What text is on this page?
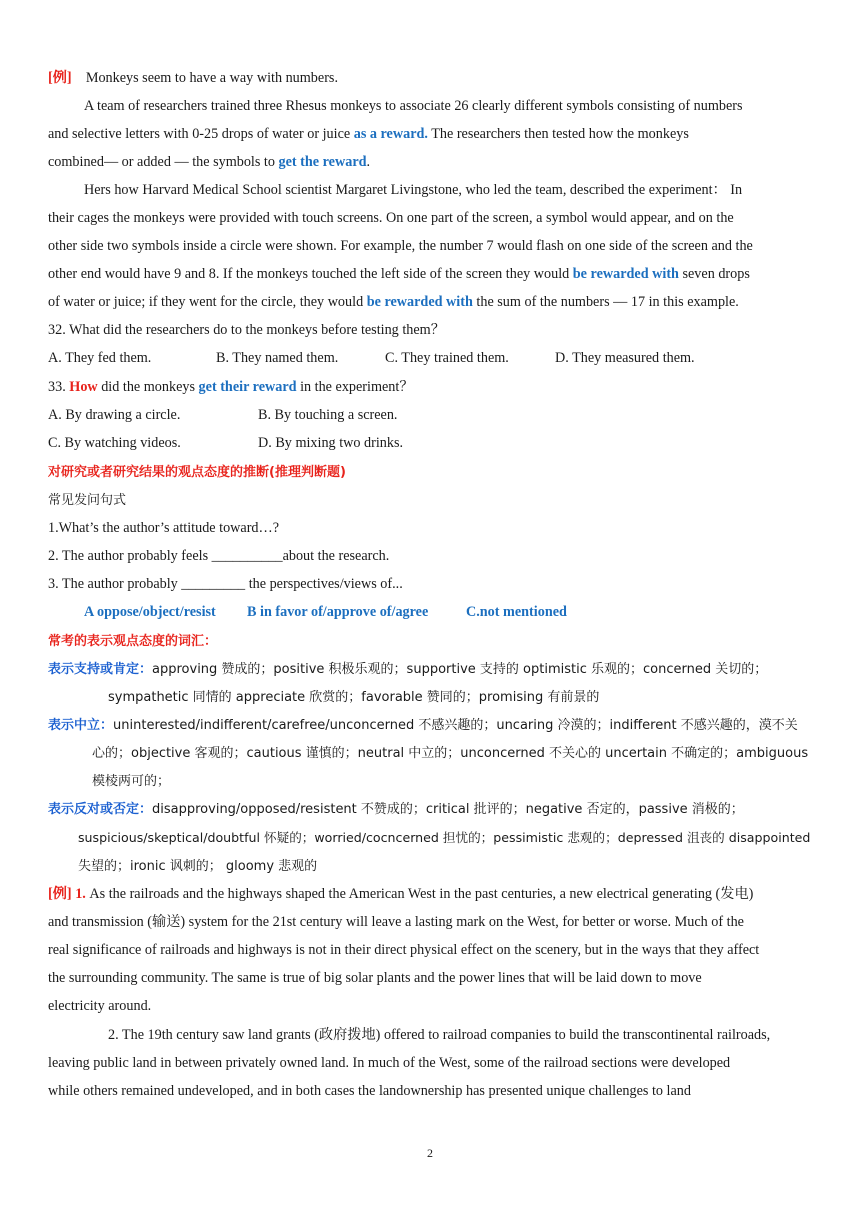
[例] Monkeys seem to have a way with numbers.
A team of researchers trained three Rhesus monkeys to associate 26 clearly different symbols consisting of numbers
and selective letters with 0-25 drops of water or juice as a reward. The researchers then tested how the monkeys
combined— or added — the symbols to get the reward.
Hers how Harvard Medical School scientist Margaret Livingstone, who led the team, described the experiment： In
their cages the monkeys were provided with touch screens. On one part of the screen, a symbol would appear, and on the
other side two symbols inside a circle were shown. For example, the number 7 would flash on one side of the screen and the
other end would have 9 and 8. If the monkeys touched the left side of the screen they would be rewarded with seven drops
of water or juice; if they went for the circle, they would be rewarded with the sum of the numbers — 17 in this example.
32. What did the researchers do to the monkeys before testing them？
A. They fed them.	B. They named them.	C. They trained them.	D. They measured them.
33. How did the monkeys get their reward in the experiment？
A. By drawing a circle.	B. By touching a screen.
C. By watching videos.	D. By mixing two drinks.
对研究或者研究结果的观点态度的推断(推理判断题)
常见发问句式
1.What’s the author’s attitude toward…?
2. The author probably feels __________about the research.
3. The author probably _________ the perspectives/views of...
A oppose/object/resist B in favor of/approve of/agree	C.not mentioned
常考的表示观点态度的词汇：
表示支持或肯定：approving 赞成的；positive 积极乐观的；supportive 支持的 optimistic 乐观的；concerned 关切的；
sympathetic 同情的 appreciate 欣赏的；favorable 赞同的；promising 有前景的
表示中立：uninterested/indifferent/carefree/unconcerned 不感兴趣的；uncaring 冷漠的；indifferent 不感兴趣的，漠不关
心的；objective 客观的；cautious 谨慎的；neutral 中立的；unconcerned 不关心的 uncertain 不确定的；ambiguous
模棱两可的；
表示反对或否定：disapproving/opposed/resistent 不赞成的；critical 批评的；negative 否定的，passive 消极的；
suspicious/skeptical/doubtful 怀疑的；worried/cocncerned 担忧的；pessimistic 悲观的；depressed 沮丧的 disappointed
失望的；ironic 讽刺的； gloomy 悲观的
[例] 1. As the railroads and the highways shaped the American West in the past centuries, a new electrical generating (发电)
and transmission (输送) system for the 21st century will leave a lasting mark on the West, for better or worse. Much of the
real significance of railroads and highways is not in their direct physical effect on the scenery, but in the ways that they affect
the surrounding community. The same is true of big solar plants and the power lines that will be laid down to move
electricity around.
2. The 19th century saw land grants (政府拨地) offered to railroad companies to build the transcontinental railroads,
leaving public land in between privately owned land. In much of the West, some of the railroad sections were developed
while others remained undeveloped, and in both cases the landownership has presented unique challenges to land
2
